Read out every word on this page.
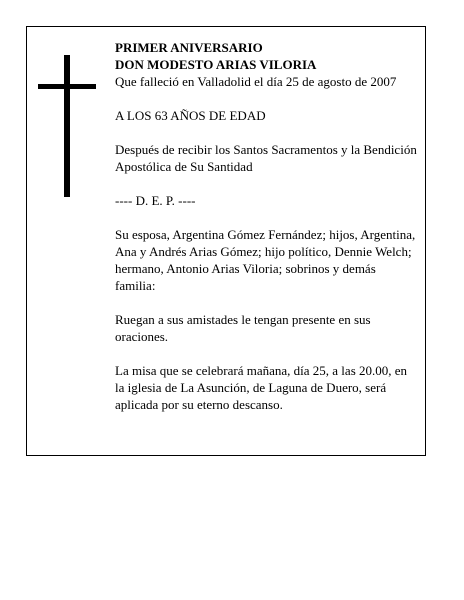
PRIMER ANIVERSARIO

DON MODESTO ARIAS VILORIA

Que falleció en Valladolid el día 25 de agosto de 2007

A LOS 63 AÑOS DE EDAD

Después de recibir los Santos Sacramentos y la Bendición Apostólica de Su Santidad

---- D. E. P. ----

Su esposa, Argentina Gómez Fernández; hijos, Argentina, Ana y Andrés Arias Gómez; hijo político, Dennie Welch; hermano, Antonio Arias Viloria; sobrinos y demás familia:

Ruegan a sus amistades le tengan presente en sus oraciones.

La misa que se celebrará mañana, día 25, a las 20.00, en la iglesia de La Asunción, de Laguna de Duero, será aplicada por su eterno descanso.
